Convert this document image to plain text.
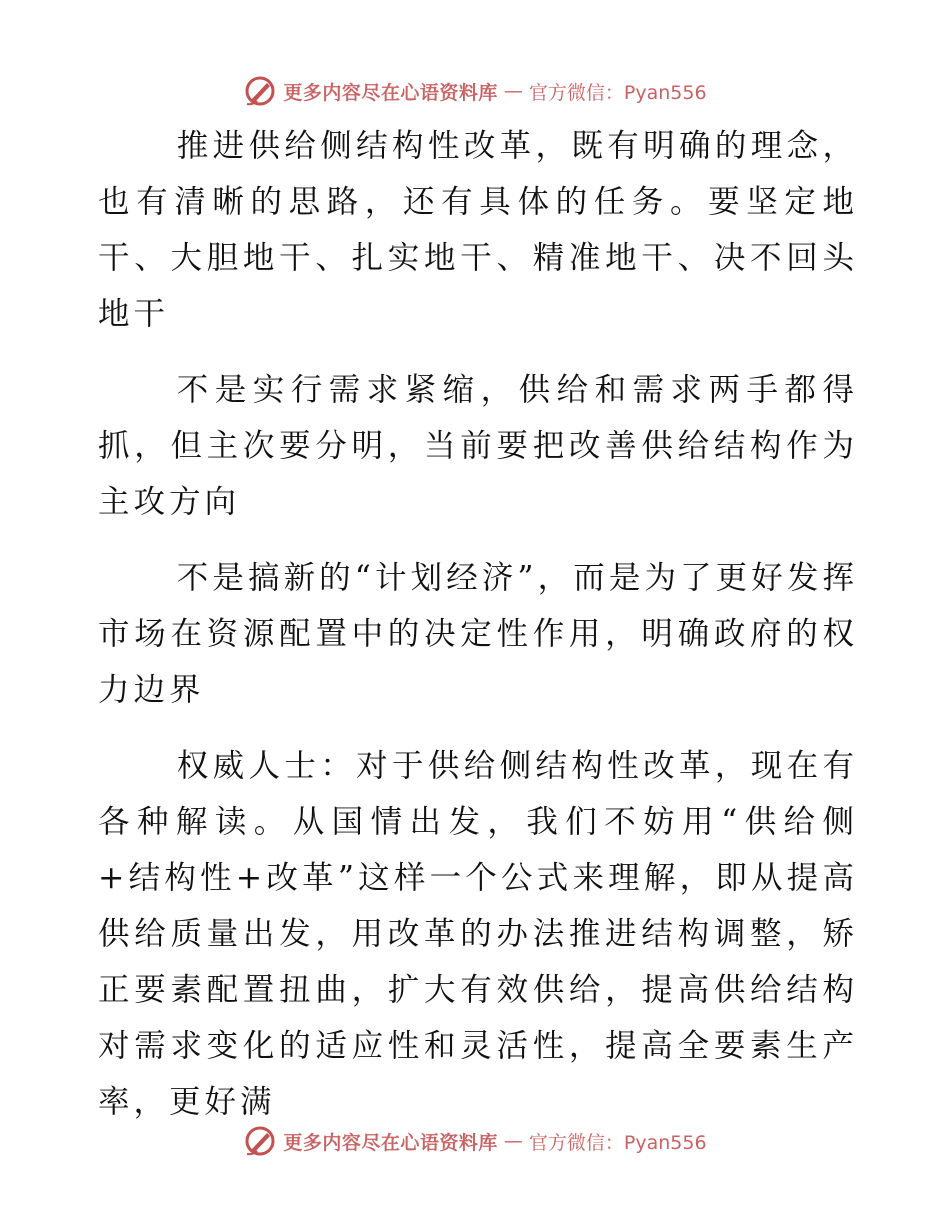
更多内容尽在心语资料库 — 官方微信：Pyan556

推进供给侧结构性改革，既有明确的理念，也有清晰的思路，还有具体的任务。要坚定地干、大胆地干、扎实地干、精准地干、决不回头地干

不是实行需求紧缩，供给和需求两手都得抓，但主次要分明，当前要把改善供给结构作为主攻方向

不是搞新的“计划经济”，而是为了更好发挥市场在资源配置中的决定性作用，明确政府的权力边界

权威人士：对于供给侧结构性改革，现在有各种解读。从国情出发，我们不妨用“供给侧+结构性+改革”这样一个公式来理解，即从提高供给质量出发，用改革的办法推进结构调整，矫正要素配置扭曲，扩大有效供给，提高供给结构对需求变化的适应性和灵活性，提高全要素生产率，更好满

更多内容尽在心语资料库 — 官方微信：Pyan556
